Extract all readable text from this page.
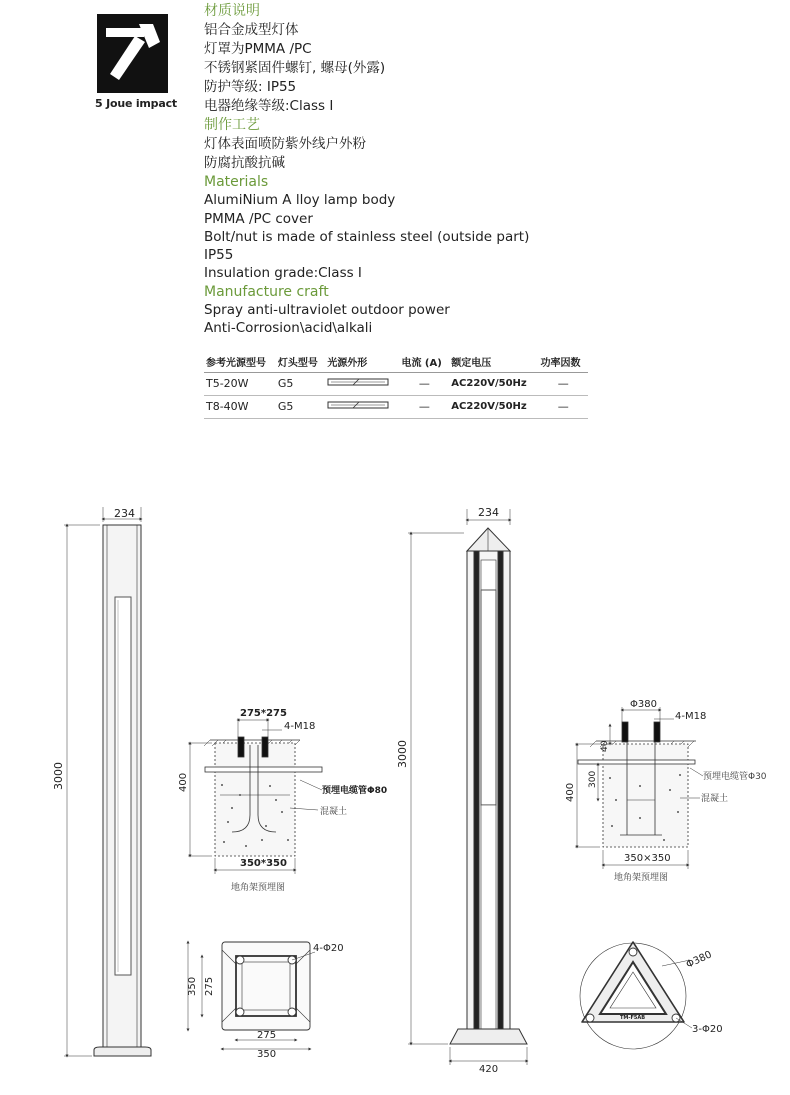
5 Joue impact
材质说明
铝合金成型灯体
灯罩为PMMA /PC
不锈钢紧固件螺钉, 螺母(外露)
防护等级: IP55
电器绝缘等级:Class I
制作工艺
灯体表面喷防紫外线户外粉
防腐抗酸抗碱
Materials
AlumiNium A lloy lamp body
PMMA /PC cover
Bolt/nut is made of stainless steel (outside part)
IP55
Insulation grade:Class I
Manufacture craft
Spray anti-ultraviolet outdoor power
Anti-Corrosion\acid\alkali
参考光源型号	灯头型号	光源外形	电流 (A)	额定电压	功率因数
T5-20W	G5		—	AC220V/50Hz	—
T8-40W	G5		—	AC220V/50Hz	—
234
3000
275*275
4-M18
400	预埋电缆管Φ80
混凝土
350*350
地角架预埋图
4-Φ20
275
350
275
350
234
420
3000
Φ380
4-M18
40
300
400
预埋电缆管Φ30
混凝土
350×350
地角架预埋图
Φ380
3-Φ20
TM-F5AB
